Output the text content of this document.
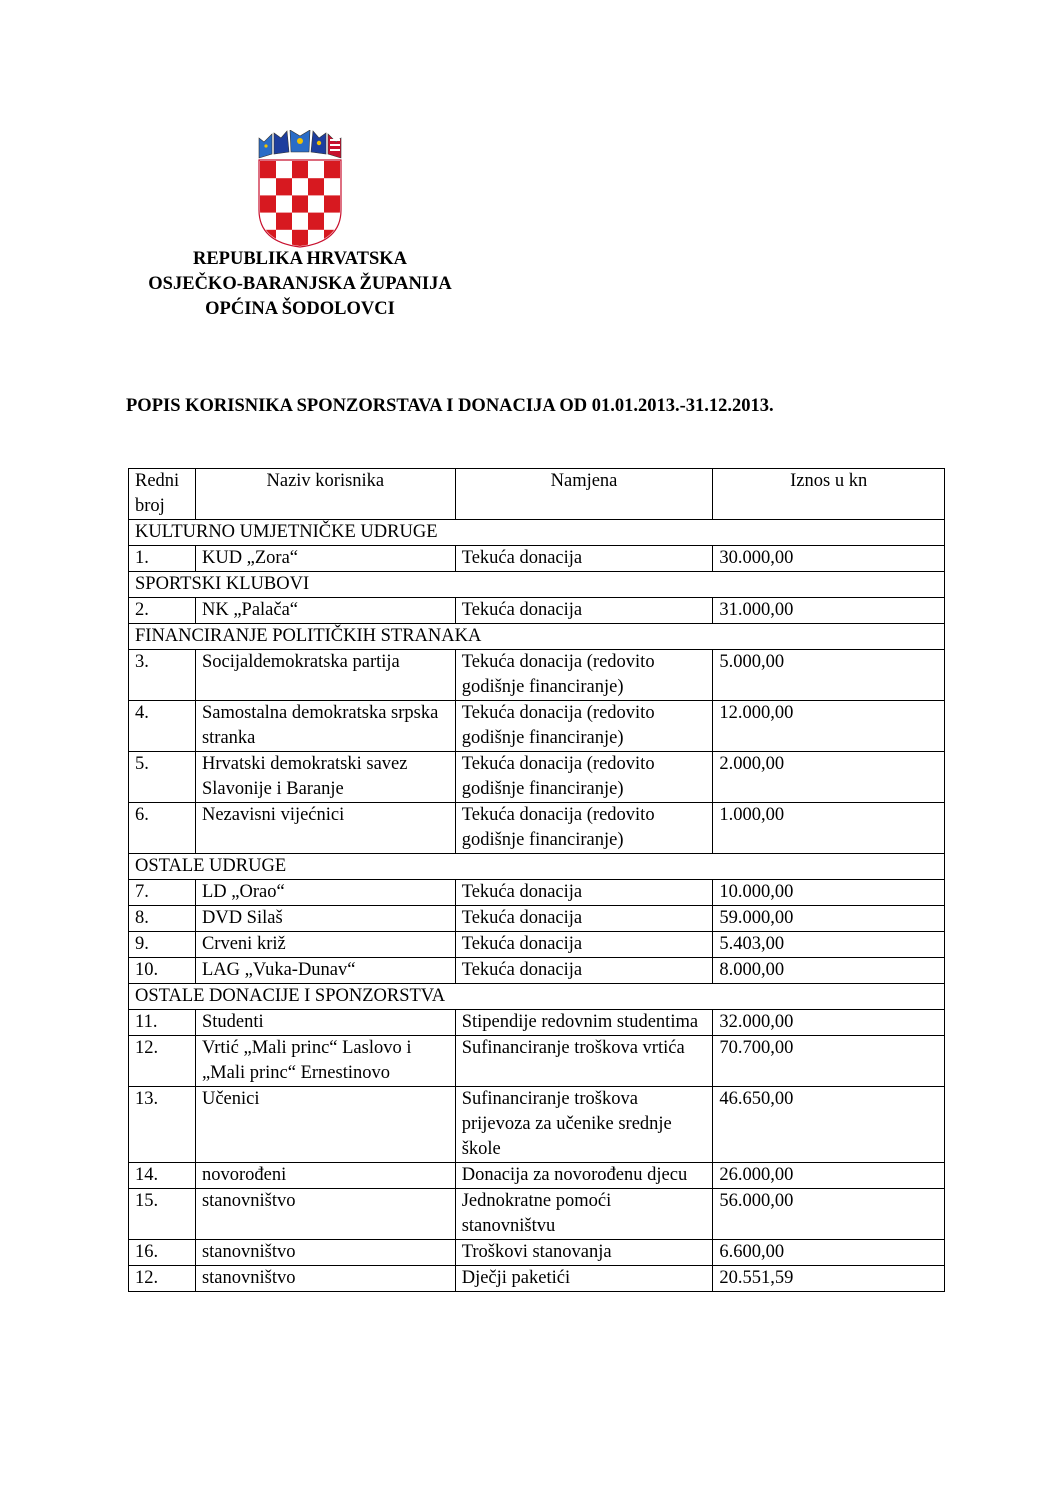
REPUBLIKA HRVATSKA
OSJEČKO-BARANJSKA ŽUPANIJA
OPĆINA ŠODOLOVCI
POPIS KORISNIKA SPONZORSTAVA I DONACIJA OD 01.01.2013.-31.12.2013.
Redni
broj	Naziv korisnika	Namjena	Iznos u kn
KULTURNO UMJETNIČKE UDRUGE			
1.	KUD „Zora“	Tekuća donacija	30.000,00
SPORTSKI KLUBOVI			
2.	NK „Palača“	Tekuća donacija	31.000,00
FINANCIRANJE POLITIČKIH STRANAKA			
3.	Socijaldemokratska partija	Tekuća donacija (redovito godišnje financiranje)	5.000,00
4.	Samostalna demokratska srpska stranka	Tekuća donacija (redovito godišnje financiranje)	12.000,00
5.	Hrvatski demokratski savez Slavonije i Baranje	Tekuća donacija (redovito godišnje financiranje)	2.000,00
6.	Nezavisni vijećnici	Tekuća donacija (redovito godišnje financiranje)	1.000,00
OSTALE UDRUGE			
7.	LD „Orao“	Tekuća donacija	10.000,00
8.	DVD Silaš	Tekuća donacija	59.000,00
9.	Crveni križ	Tekuća donacija	5.403,00
10.	LAG „Vuka-Dunav“	Tekuća donacija	8.000,00
OSTALE DONACIJE I SPONZORSTVA			
11.	Studenti	Stipendije redovnim studentima	32.000,00
12.	Vrtić „Mali princ“ Laslovo i „Mali princ“ Ernestinovo	Sufinanciranje troškova vrtića	70.700,00
13.	Učenici	Sufinanciranje troškova prijevoza za učenike srednje škole	46.650,00
14.	novorođeni	Donacija za novorođenu djecu	26.000,00
15.	stanovništvo	Jednokratne pomoći stanovništvu	56.000,00
16.	stanovništvo	Troškovi stanovanja	6.600,00
12.	stanovništvo	Dječji paketići	20.551,59
